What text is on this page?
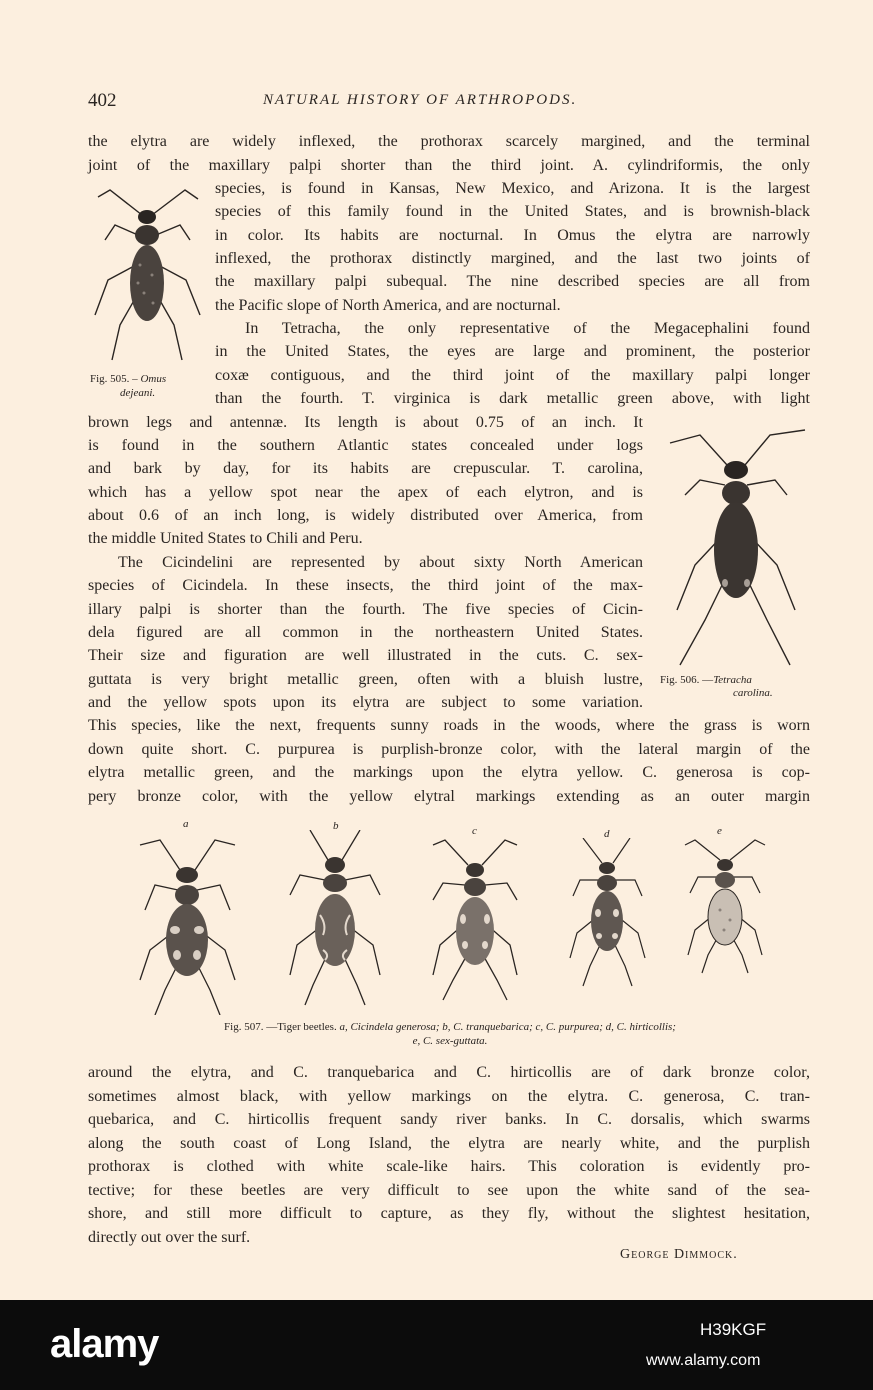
402	NATURAL HISTORY OF ARTHROPODS.
Fig. 505. – Omus
dejeani.
Fig. 506. —Tetracha
carolina.
the elytra are widely inflexed, the prothorax scarcely margined, and the terminal
joint of the maxillary palpi shorter than the third joint. A. cylindriformis, the only
species, is found in Kansas, New Mexico, and Arizona. It is the largest
species of this family found in the United States, and is brownish-black
in color. Its habits are nocturnal. In Omus the elytra are narrowly
inflexed, the prothorax distinctly margined, and the last two joints of
the maxillary palpi subequal. The nine described species are all from
the Pacific slope of North America, and are nocturnal.
In Tetracha, the only representative of the Megacephalini found
in the United States, the eyes are large and prominent, the posterior
coxæ contiguous, and the third joint of the maxillary palpi longer
than the fourth. T. virginica is dark metallic green above, with light
brown legs and antennæ. Its length is about 0.75 of an inch. It
is found in the southern Atlantic states concealed under logs
and bark by day, for its habits are crepuscular. T. carolina,
which has a yellow spot near the apex of each elytron, and is
about 0.6 of an inch long, is widely distributed over America, from
the middle United States to Chili and Peru.
The Cicindelini are represented by about sixty North American
species of Cicindela. In these insects, the third joint of the max-
illary palpi is shorter than the fourth. The five species of Cicin-
dela figured are all common in the northeastern United States.
Their size and figuration are well illustrated in the cuts. C. sex-
guttata is very bright metallic green, often with a bluish lustre,
and the yellow spots upon its elytra are subject to some variation.
This species, like the next, frequents sunny roads in the woods, where the grass is worn
down quite short. C. purpurea is purplish-bronze color, with the lateral margin of the
elytra metallic green, and the markings upon the elytra yellow. C. generosa is cop-
pery bronze color, with the yellow elytral markings extending as an outer margin
a	b	c	d	e
Fig. 507. —Tiger beetles. a, Cicindela generosa; b, C. tranquebarica; c, C. purpurea; d, C. hirticollis;
e, C. sex-guttata.
around the elytra, and C. tranquebarica and C. hirticollis are of dark bronze color,
sometimes almost black, with yellow markings on the elytra. C. generosa, C. tran-
quebarica, and C. hirticollis frequent sandy river banks. In C. dorsalis, which swarms
along the south coast of Long Island, the elytra are nearly white, and the purplish
prothorax is clothed with white scale-like hairs. This coloration is evidently pro-
tective; for these beetles are very difficult to see upon the white sand of the sea-
shore, and still more difficult to capture, as they fly, without the slightest hesitation,
directly out over the surf.
George Dimmock.
alamy	H39KGF
www.alamy.com
